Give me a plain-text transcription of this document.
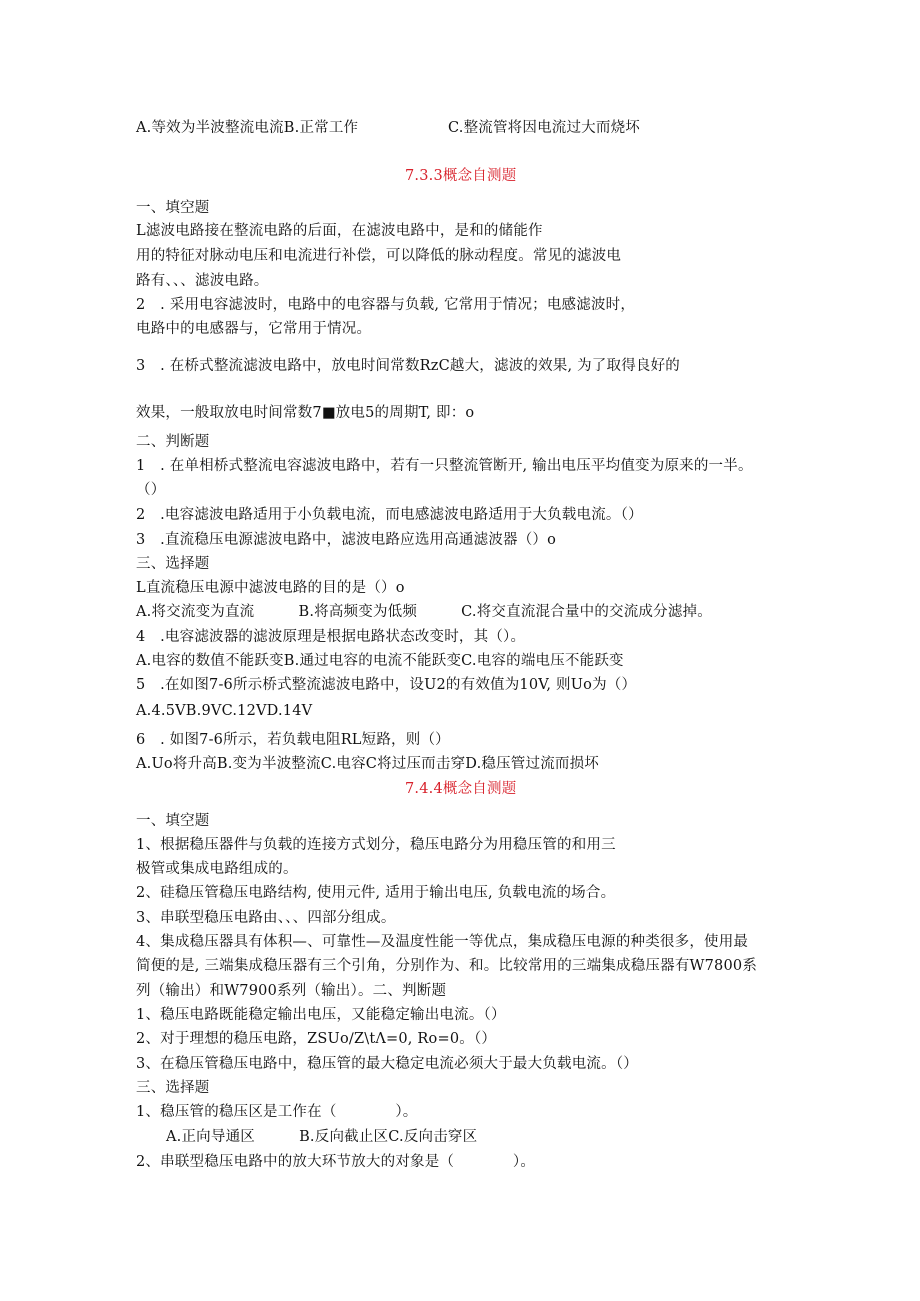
A.等效为半波整流电流B.正常工作	C.整流管将因电流过大而烧坏
7.3.3概念自测题
一、填空题
L滤波电路接在整流电路的后面，在滤波电路中，是和的储能作
用的特征对脉动电压和电流进行补偿，可以降低的脉动程度。常见的滤波电
路有、、、滤波电路。
2　. 采用电容滤波时，电路中的电容器与负载, 它常用于情况；电感滤波时，
电路中的电感器与，它常用于情况。
3　. 在桥式整流滤波电路中，放电时间常数RzC越大，滤波的效果, 为了取得良好的
效果，一般取放电时间常数7■放电5的周期T, 即：o
二、判断题
1　. 在单相桥式整流电容滤波电路中，若有一只整流管断开, 输出电压平均值变为原来的一半。
（）
2　.电容滤波电路适用于小负载电流，而电感滤波电路适用于大负载电流。（）
3　.直流稳压电源滤波电路中，滤波电路应选用高通滤波器（）o
三、选择题
L直流稳压电源中滤波电路的目的是（）o
A.将交流变为直流　　　B.将高频变为低频　　　C.将交直流混合量中的交流成分滤掉。
4　.电容滤波器的滤波原理是根据电路状态改变时，其（）。
A.电容的数值不能跃变B.通过电容的电流不能跃变C.电容的端电压不能跃变
5　.在如图7-6所示桥式整流滤波电路中，设U2的有效值为10V, 则Uo为（）
A.4.5VB.9VC.12VD.14V
6　. 如图7-6所示，若负载电阻RL短路，则（）
A.Uo将升高B.变为半波整流C.电容C将过压而击穿D.稳压管过流而损坏
7.4.4概念自测题
一、填空题
1、根据稳压器件与负载的连接方式划分，稳压电路分为用稳压管的和用三
极管或集成电路组成的。
2、硅稳压管稳压电路结构, 使用元件, 适用于输出电压, 负载电流的场合。
3、串联型稳压电路由、、、四部分组成。
4、集成稳压器具有体积—、可靠性—及温度性能一等优点，集成稳压电源的种类很多，使用最
简便的是, 三端集成稳压器有三个引角，分别作为、和。比较常用的三端集成稳压器有W7800系
列（输出）和W7900系列（输出）。二、判断题
1、稳压电路既能稳定输出电压，又能稳定输出电流。（）
2、对于理想的稳压电路，ZSUo∕Z\tΛ=0, Ro=0。（）
3、在稳压管稳压电路中，稳压管的最大稳定电流必须大于最大负载电流。（）
三、选择题
1、稳压管的稳压区是工作在（　　　　）。
A.正向导通区　　　B.反向截止区C.反向击穿区
2、串联型稳压电路中的放大环节放大的对象是（　　　　）。
